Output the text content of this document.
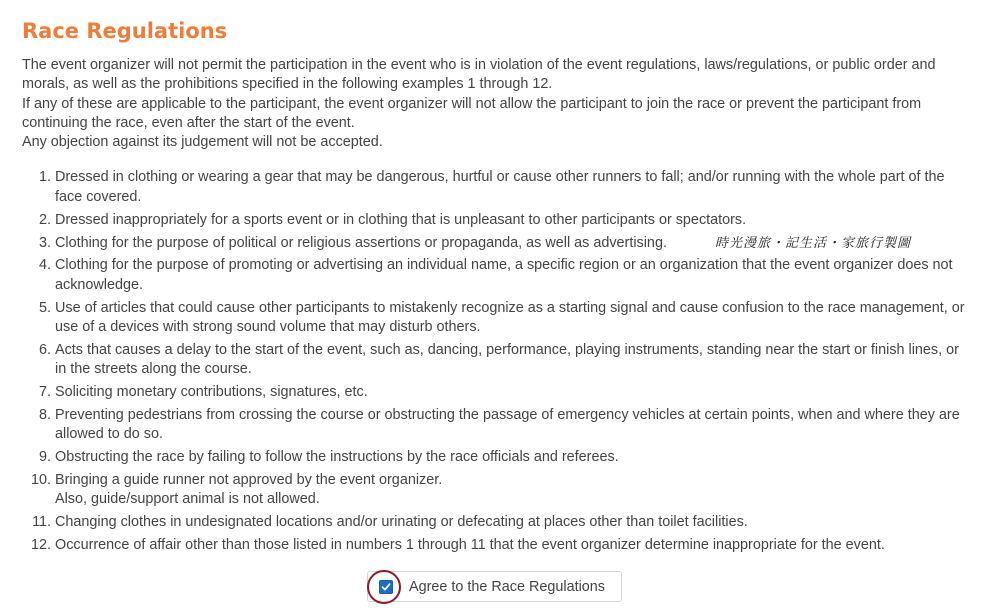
Race Regulations

The event organizer will not permit the participation in the event who is in violation of the event regulations, laws/regulations, or public order and morals, as well as the prohibitions specified in the following examples 1 through 12.

If any of these are applicable to the participant, the event organizer will not allow the participant to join the race or prevent the participant from continuing the race, even after the start of the event.

Any objection against its judgement will not be accepted.

1. Dressed in clothing or wearing a gear that may be dangerous, hurtful or cause other runners to fall; and/or running with the whole part of the face covered.
2. Dressed inappropriately for a sports event or in clothing that is unpleasant to other participants or spectators.
3. Clothing for the purpose of political or religious assertions or propaganda, as well as advertising.
4. Clothing for the purpose of promoting or advertising an individual name, a specific region or an organization that the event organizer does not acknowledge.
5. Use of articles that could cause other participants to mistakenly recognize as a starting signal and cause confusion to the race management, or use of a devices with strong sound volume that may disturb others.
6. Acts that causes a delay to the start of the event, such as, dancing, performance, playing instruments, standing near the start or finish lines, or in the streets along the course.
7. Soliciting monetary contributions, signatures, etc.
8. Preventing pedestrians from crossing the course or obstructing the passage of emergency vehicles at certain points, when and where they are allowed to do so.
9. Obstructing the race by failing to follow the instructions by the race officials and referees.
10. Bringing a guide runner not approved by the event organizer.
Also, guide/support animal is not allowed.
11. Changing clothes in undesignated locations and/or urinating or defecating at places other than toilet facilities.
12. Occurrence of affair other than those listed in numbers 1 through 11 that the event organizer determine inappropriate for the event.
時光漫旅・記生活・家旅行製圖
Agree to the Race Regulations
